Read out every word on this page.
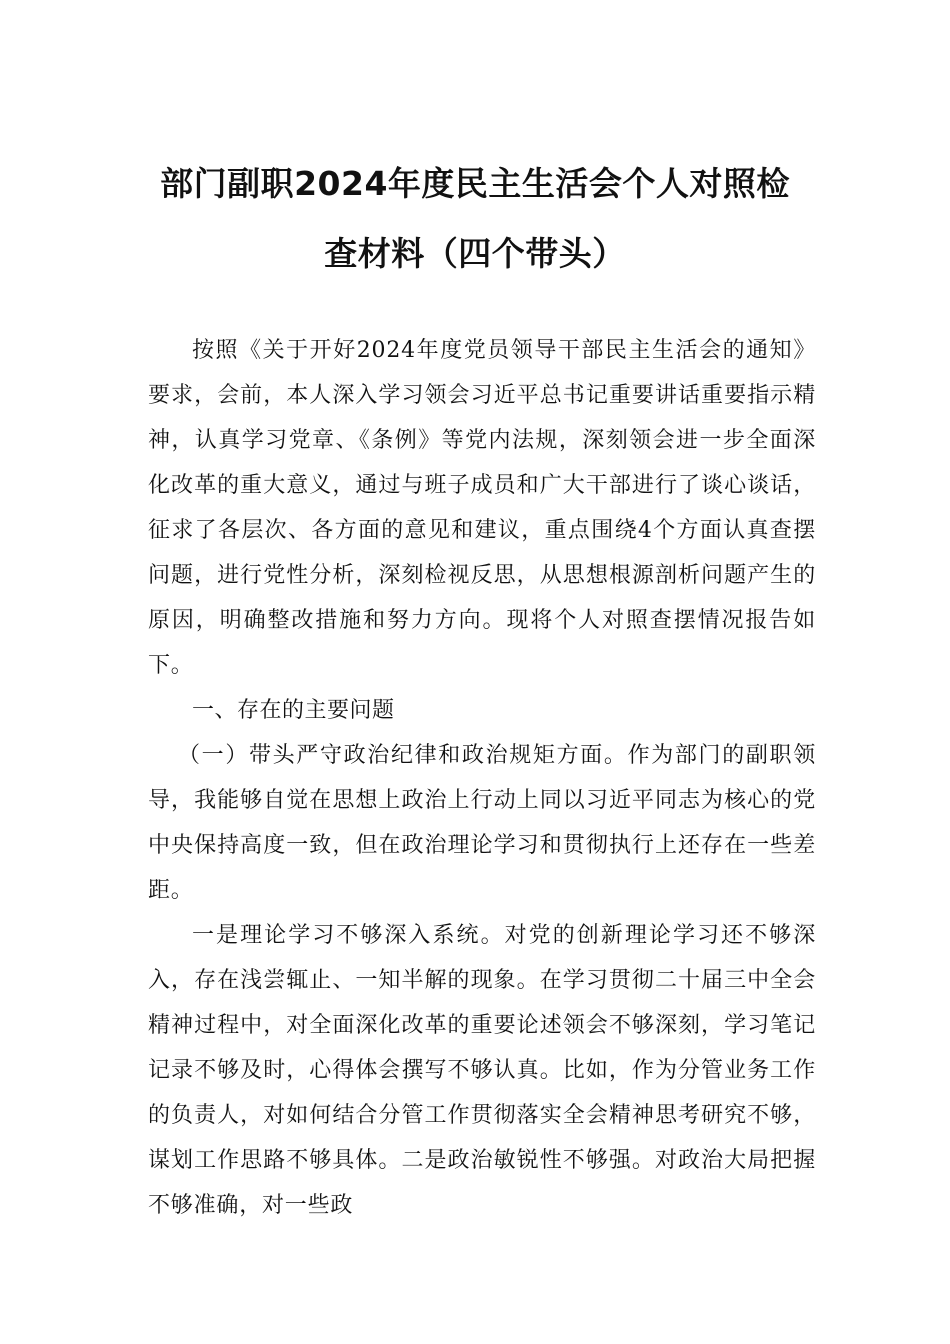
部门副职2024年度民主生活会个人对照检
查材料（四个带头）

按照《关于开好2024年度党员领导干部民主生活会的通知》要求，会前，本人深入学习领会习近平总书记重要讲话重要指示精神，认真学习党章、《条例》等党内法规，深刻领会进一步全面深化改革的重大意义，通过与班子成员和广大干部进行了谈心谈话，征求了各层次、各方面的意见和建议，重点围绕4个方面认真查摆问题，进行党性分析，深刻检视反思，从思想根源剖析问题产生的原因，明确整改措施和努力方向。现将个人对照查摆情况报告如下。

一、存在的主要问题

（一）带头严守政治纪律和政治规矩方面。作为部门的副职领导，我能够自觉在思想上政治上行动上同以习近平同志为核心的党中央保持高度一致，但在政治理论学习和贯彻执行上还存在一些差距。

一是理论学习不够深入系统。对党的创新理论学习还不够深入，存在浅尝辄止、一知半解的现象。在学习贯彻二十届三中全会精神过程中，对全面深化改革的重要论述领会不够深刻，学习笔记记录不够及时，心得体会撰写不够认真。比如，作为分管业务工作的负责人，对如何结合分管工作贯彻落实全会精神思考研究不够，谋划工作思路不够具体。二是政治敏锐性不够强。对政治大局把握不够准确，对一些政
